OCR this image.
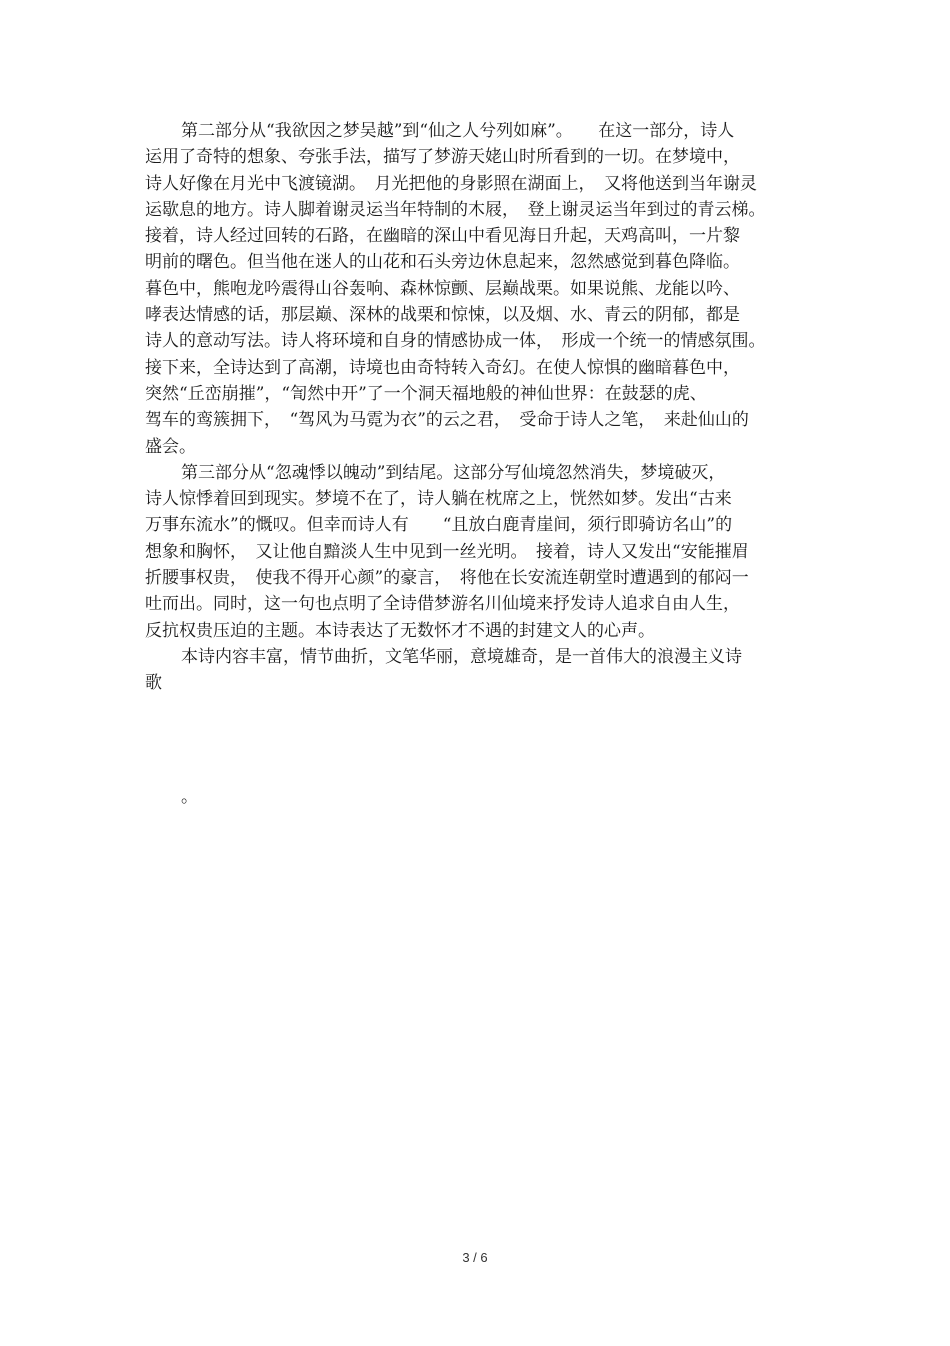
第二部分从“我欲因之梦吴越”到“仙之人兮列如麻”。　　在这一部分，诗人
运用了奇特的想象、夸张手法，描写了梦游天姥山时所看到的一切。在梦境中，
诗人好像在月光中飞渡镜湖。　月光把他的身影照在湖面上，　又将他送到当年谢灵
运歇息的地方。诗人脚着谢灵运当年特制的木屐，　登上谢灵运当年到过的青云梯。
接着，诗人经过回转的石路，在幽暗的深山中看见海日升起，天鸡高叫，一片黎
明前的曙色。但当他在迷人的山花和石头旁边休息起来，忽然感觉到暮色降临。
暮色中，熊咆龙吟震得山谷轰响、森林惊颤、层巅战栗。如果说熊、龙能以吟、
哮表达情感的话，那层巅、深林的战栗和惊悚，以及烟、水、青云的阴郁，都是
诗人的意动写法。诗人将环境和自身的情感协成一体，　形成一个统一的情感氛围。
接下来，全诗达到了高潮，诗境也由奇特转入奇幻。在使人惊惧的幽暗暮色中，
突然“丘峦崩摧”，“訇然中开”了一个洞天福地般的神仙世界：在鼓瑟的虎、
驾车的鸾簇拥下，　“驾风为马霓为衣”的云之君，　受命于诗人之笔，　来赴仙山的
盛会。
第三部分从“忽魂悸以魄动”到结尾。这部分写仙境忽然消失，梦境破灭，
诗人惊悸着回到现实。梦境不在了，诗人躺在枕席之上，恍然如梦。发出“古来
万事东流水”的慨叹。但幸而诗人有　　“且放白鹿青崖间，须行即骑访名山”的
想象和胸怀，　又让他自黯淡人生中见到一丝光明。　接着，诗人又发出“安能摧眉
折腰事权贵，　使我不得开心颜”的豪言，　将他在长安流连朝堂时遭遇到的郁闷一
吐而出。同时，这一句也点明了全诗借梦游名川仙境来抒发诗人追求自由人生，
反抗权贵压迫的主题。本诗表达了无数怀才不遇的封建文人的心声。
本诗内容丰富，情节曲折，文笔华丽，意境雄奇，是一首伟大的浪漫主义诗
歌
。
3 / 6
